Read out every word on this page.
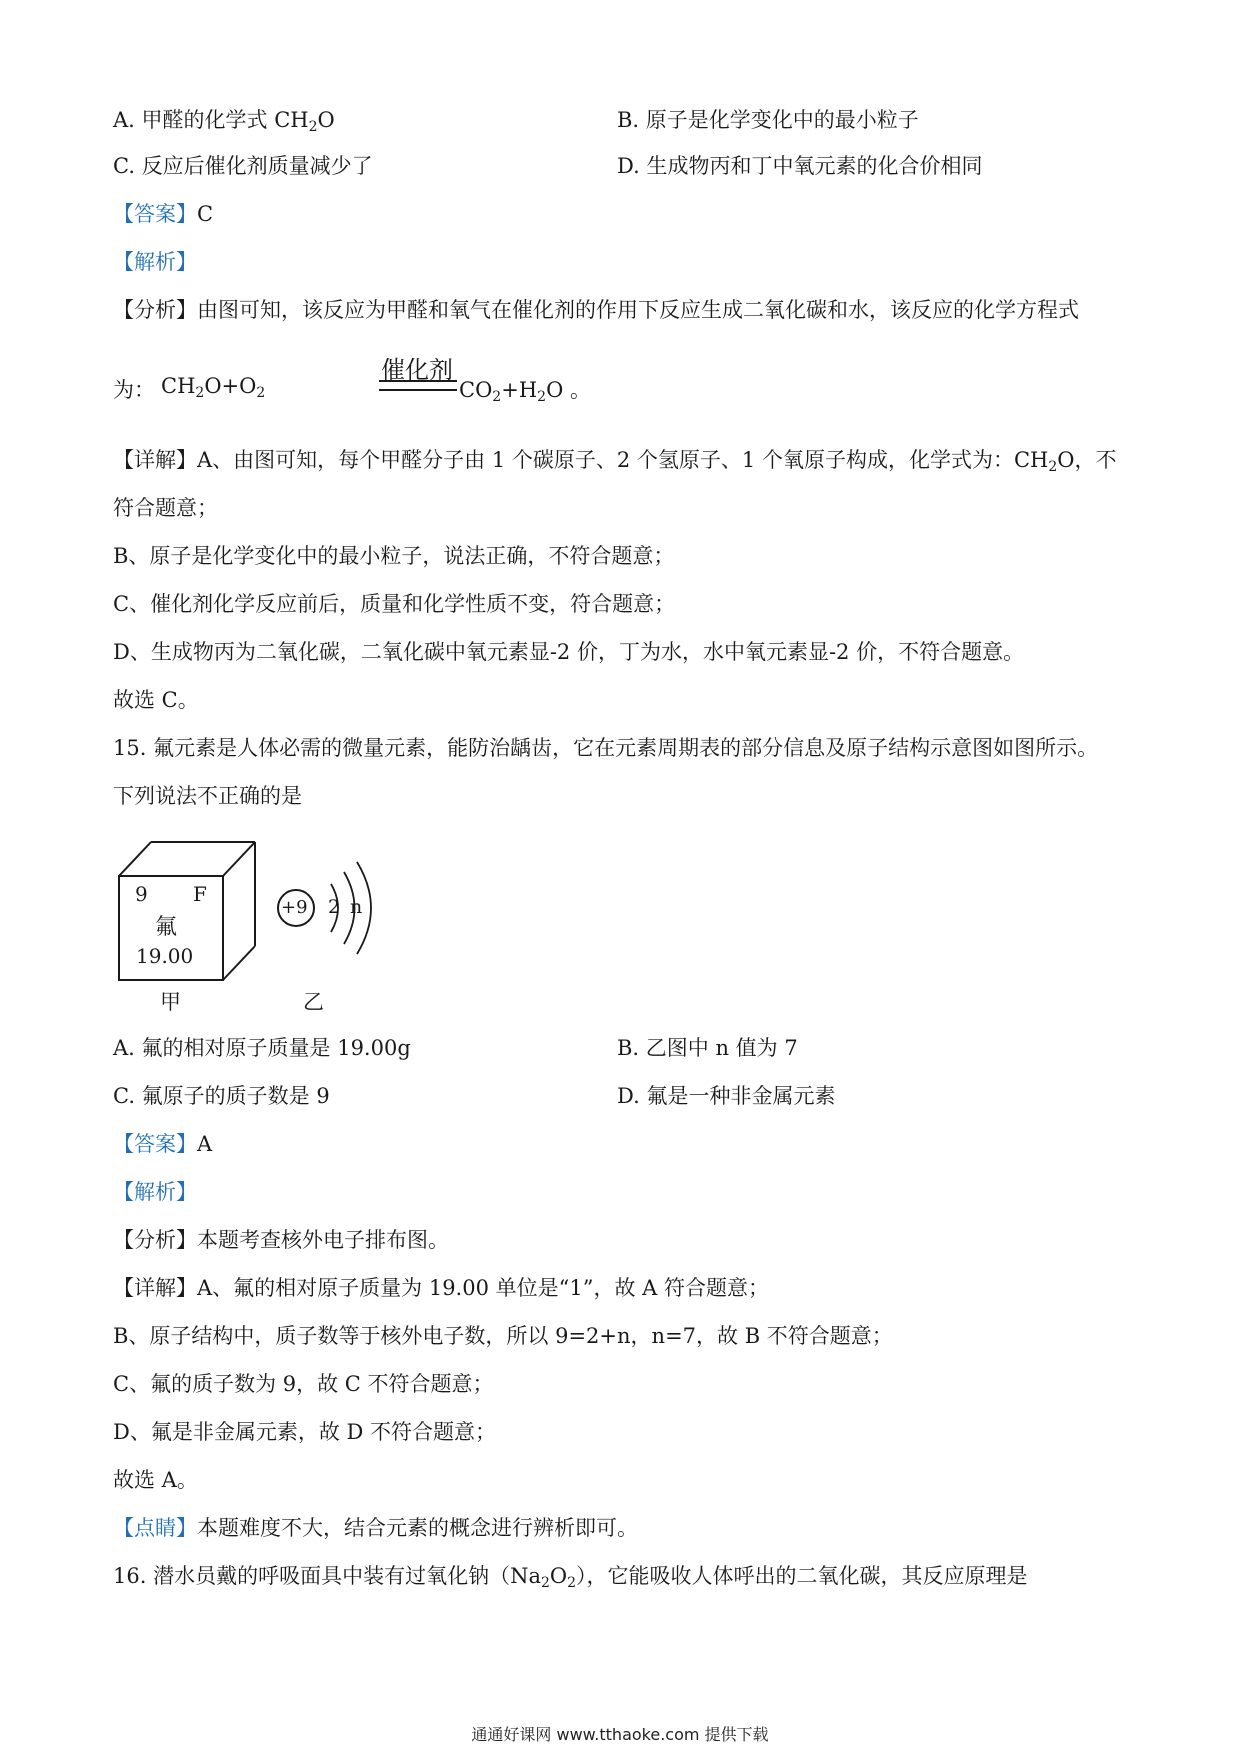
A. 甲醛的化学式 $CH_2O$	B. 原子是化学变化中的最小粒子
C. 反应后催化剂质量减少了	D. 生成物丙和丁中氧元素的化合价相同
【答案】C
【解析】
【分析】由图可知，该反应为甲醛和氧气在催化剂的作用下反应生成二氧化碳和水，该反应的化学方程式
为： $CH_2O+O_2$
催化剂
$CO_2+H_2O$ 。
【详解】A、由图可知，每个甲醛分子由 1 个碳原子、2 个氢原子、1 个氧原子构成，化学式为：$CH_2O$，不
符合题意；
B、原子是化学变化中的最小粒子，说法正确，不符合题意；
C、催化剂化学反应前后，质量和化学性质不变，符合题意；
D、生成物丙为二氧化碳，二氧化碳中氧元素显-2 价，丁为水，水中氧元素显-2 价，不符合题意。
故选 C。
15. 氟元素是人体必需的微量元素，能防治龋齿，它在元素周期表的部分信息及原子结构示意图如图所示。
下列说法不正确的是
9 F
氟
19.00
甲
+9 2 n
乙
A. 氟的相对原子质量是 19.00g	B. 乙图中 n 值为 7
C. 氟原子的质子数是 9	D. 氟是一种非金属元素
【答案】A
【解析】
【分析】本题考查核外电子排布图。
【详解】A、氟的相对原子质量为 19.00 单位是“1”，故 A 符合题意；
B、原子结构中，质子数等于核外电子数，所以 9=2+n，n=7，故 B 不符合题意；
C、氟的质子数为 9，故 C 不符合题意；
D、氟是非金属元素，故 D 不符合题意；
故选 A。
【点睛】本题难度不大，结合元素的概念进行辨析即可。
16. 潜水员戴的呼吸面具中装有过氧化钠$(Na_2O_2)$，它能吸收人体呼出的二氧化碳，其反应原理是
通通好课网 www.tthaoke.com 提供下载
